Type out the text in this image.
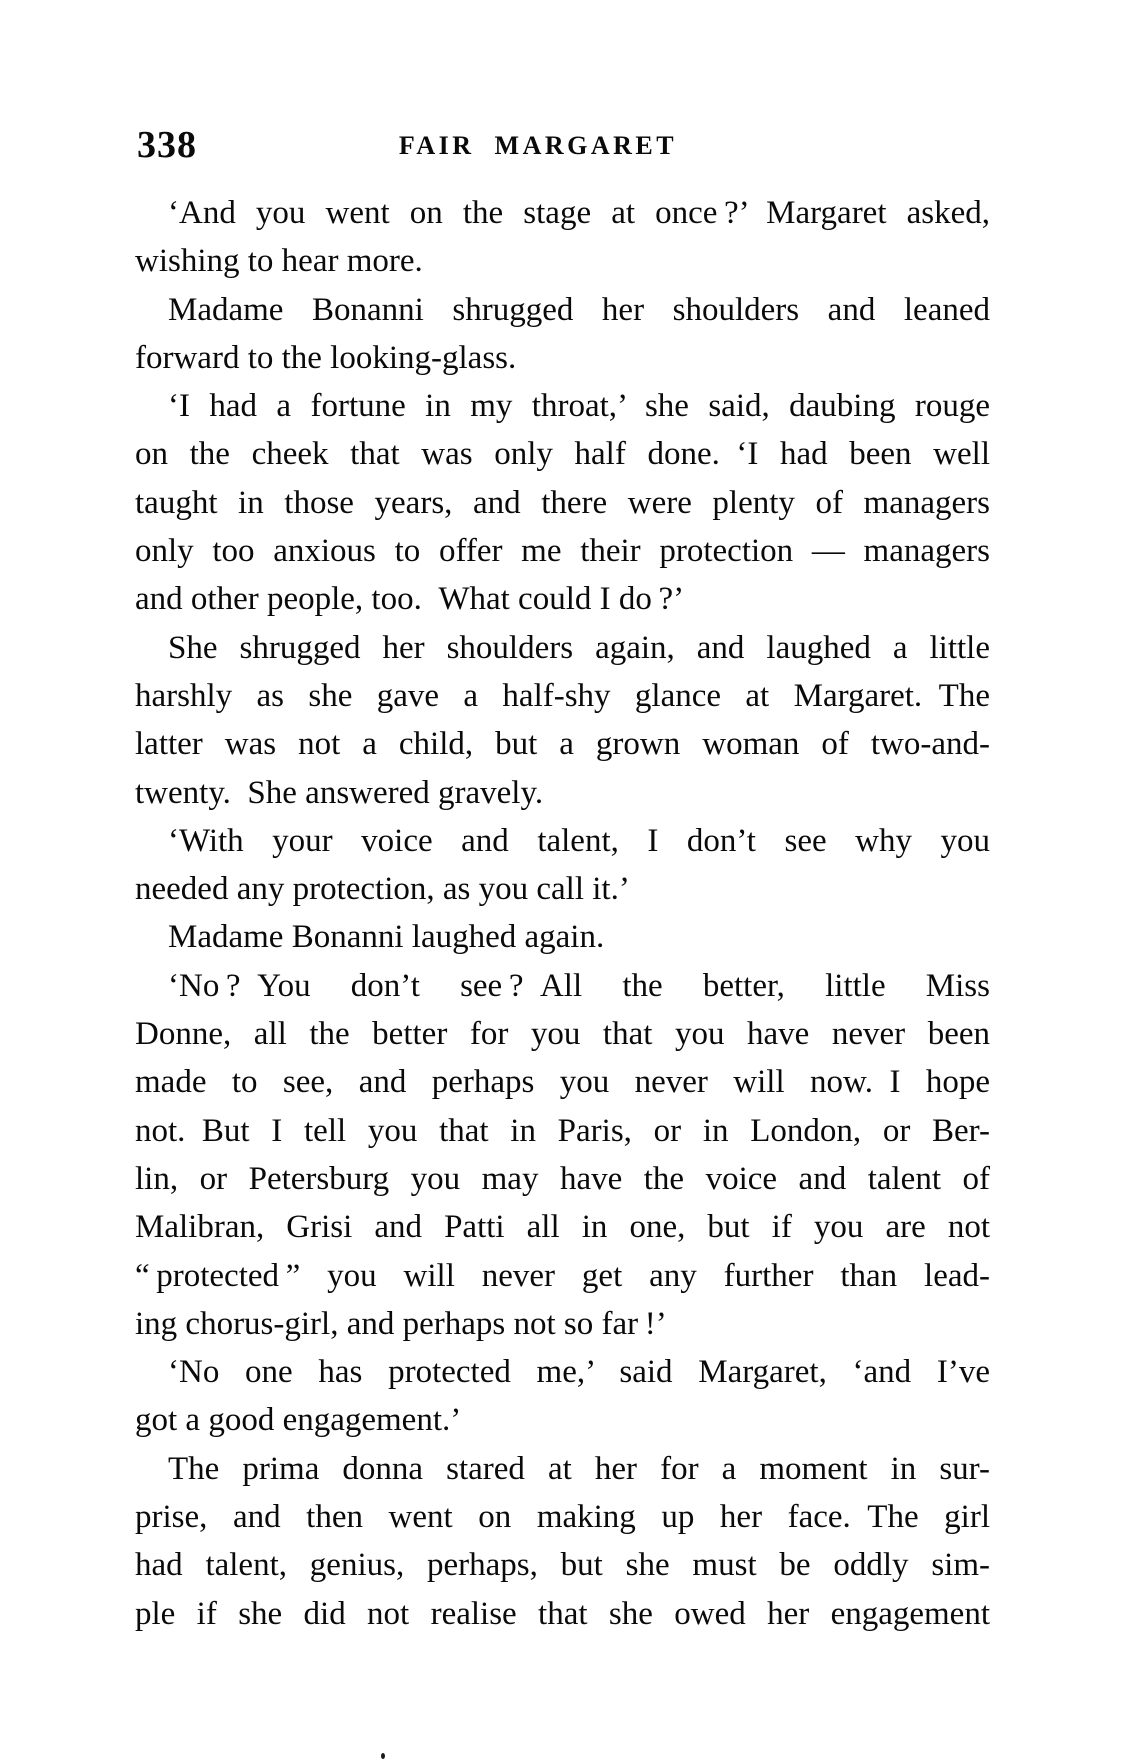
338	FAIR MARGARET
‘And you went on the stage at once ?’ Margaret asked,
wishing to hear more.
Madame Bonanni shrugged her shoulders and leaned
forward to the looking-glass.
‘I had a fortune in my throat,’ she said, daubing rouge
on the cheek that was only half done. ‘I had been well
taught in those years, and there were plenty of managers
only too anxious to offer me their protection — managers
and other people, too. What could I do ?’
She shrugged her shoulders again, and laughed a little
harshly as she gave a half-shy glance at Margaret. The
latter was not a child, but a grown woman of two-and-
twenty. She answered gravely.
‘With your voice and talent, I don’t see why you
needed any protection, as you call it.’
Madame Bonanni laughed again.
‘No ? You don’t see ? All the better, little Miss
Donne, all the better for you that you have never been
made to see, and perhaps you never will now. I hope
not. But I tell you that in Paris, or in London, or Ber-
lin, or Petersburg you may have the voice and talent of
Malibran, Grisi and Patti all in one, but if you are not
“ protected ” you will never get any further than lead-
ing chorus-girl, and perhaps not so far !’
‘No one has protected me,’ said Margaret, ‘and I’ve
got a good engagement.’
The prima donna stared at her for a moment in sur-
prise, and then went on making up her face. The girl
had talent, genius, perhaps, but she must be oddly sim-
ple if she did not realise that she owed her engagement
